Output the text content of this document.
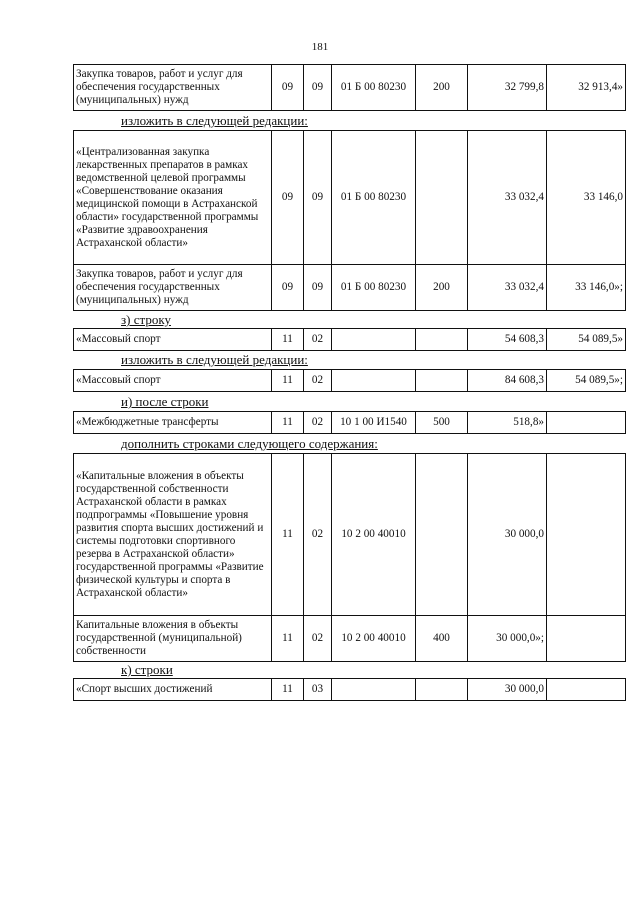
181
Закупка товаров, работ и услуг для обеспечения государственных (муниципальных) нужд	09	09	01 Б 00 80230	200	32 799,8	32 913,4»
изложить в следующей редакции:
«Централизованная закупка лекарственных препаратов в рамках ведомственной целевой программы «Совершенствование оказания медицинской помощи в Астраханской области» государственной программы «Развитие здравоохранения Астраханской области»	09	09	01 Б 00 80230		33 032,4	33 146,0
Закупка товаров, работ и услуг для обеспечения государственных (муниципальных) нужд	09	09	01 Б 00 80230	200	33 032,4	33 146,0»;
з) строку
«Массовый спорт	11	02			54 608,3	54 089,5»
изложить в следующей редакции:
«Массовый спорт	11	02			84 608,3	54 089,5»;
и) после строки
«Межбюджетные трансферты	11	02	10 1 00 И1540	500	518,8»	
дополнить строками следующего содержания:
«Капитальные вложения в объекты государственной собственности Астраханской области в рамках подпрограммы «Повышение уровня развития спорта высших достижений и системы подготовки спортивного резерва в Астраханской области» государственной программы «Развитие физической культуры и спорта в Астраханской области»	11	02	10 2 00 40010		30 000,0	
Капитальные вложения в объекты государственной (муниципальной) собственности	11	02	10 2 00 40010	400	30 000,0»;	
к) строки
«Спорт высших достижений	11	03			30 000,0	
